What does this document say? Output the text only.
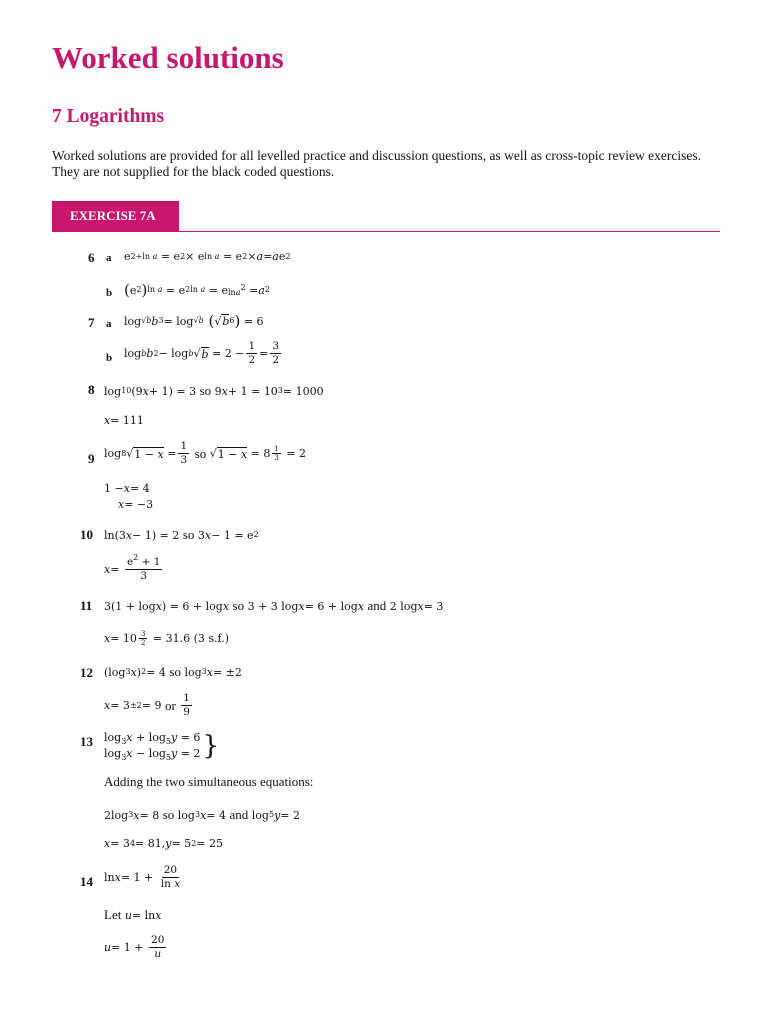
Worked solutions
7 Logarithms
Worked solutions are provided for all levelled practice and discussion questions, as well as cross-topic review exercises. They are not supplied for the black coded questions.
EXERCISE 7A
6 a e 2+ln a = e 2 × e ln a = e 2 × a = a e 2
b ( e 2 ) ln a = e 2ln a = e lna$^2$ = a 2
7 a log √b b 3 = log √b ( √ b 6 ) = 6
b log b b 2 − log b √ $b = 2 - \frac{1}{2} = \frac{3}{2}$
8 log 10 (9 x + 1) = 3 so 9 x + 1 = 10 3 = 1000
x = 111
9 log 8 √ $1 - x = \frac{1}{3}$
so √ $1 - x = 8 \frac{1}{3} = 2$
1 − x = 4
x = −3
10 ln(3 x − 1) = 2 so 3 x − 1 = e 2
$x = \frac{e^2 + 1}{3}$
11 3(1 + log x ) = 6 + log x
so 3 + 3 log x = 6 + log x
and 2 log x = 3
$x = 10 \frac{3}{2} = 31.6$ (3 s.f.)
12 (log 3 x ) 2 = 4 so log 3 x = ±2
x = 3 ±2 = 9 or
$\frac{1}{9}$
13 $\log_3x + \log_5y = 6$
$\log_3x - \log_5y = 2$ }
Adding the two simultaneous equations:
2log 3 x = 8 so log 3 x = 4 and log 5 y = 2
x = 3 4 = 81, y = 5 2 = 25
14 $\ln x = 1 + \frac{20}{\text{ln x}}$
Let
u = ln x
$u = 1 + \frac{20}{u}$
